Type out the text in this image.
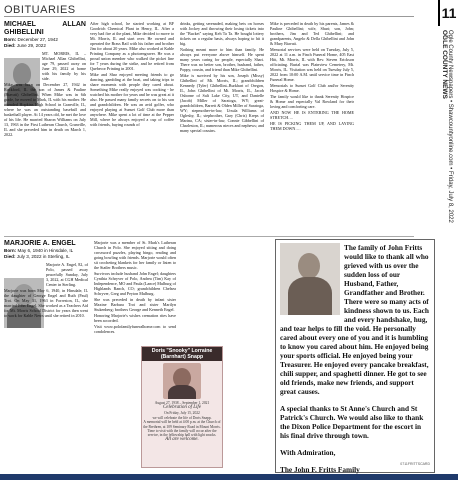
OBITUARIES
MICHAEL ALLAN GHIBELLINI
Born: December 27, 1942
Died: June 29, 2022

MT. MORRIS, IL – Michael Allan Ghibellini, age 79, passed away on June 29, 2022 at home with his family by his side.

Mike was born on December 27, 1942 in Rockford, IL the son of James & Pauline (Biavati) Ghibellini. When Mike was in 6th grade, he moved to Mark, IL with his mother. He attended Hopkins High School in Granville, IL, where he was an outstanding baseball and basketball player. At 14 years old, he met the love of his life. He married Sharon Williams on July 13, 1963 in the First Lutheran Church, Granville, IL and she preceded him in death on March 1, 2022.

After high school, he started working at BF Goodrich Chemical Plant in Henry, IL. After a very bad fire at the plant, Mike decided to move to Mt. Morris, IL and start over. He owned and operated the Brass Rail with his father and brother Jim for about 20 years. Mike also worked at Kable Printing Company as a photoengraver. He was a proud union member who walked the picket line for 7 years during the strike, and he retired from Quebecor Printing in 2001.

Mike and Shar enjoyed meeting friends to go dancing, gambling at the boat, and taking trips to share moments with people they cared about. Something Mike really enjoyed was cooking - he watched his mother for years and he was great at it also. He passed many family secrets on to his son and grandchildren. He was an avid golfer, who enjoyed playing at Sunset Golf Club more than anywhere. Mike spent a lot of time at the Pepper Mill, where he always enjoyed a cup of coffee with friends, buying rounds of

drinks, getting serenaded, making bets on horses with Jockey and throwing their losing tickets into the "Bucket" saying Keh Ta Ta. He bought lottery tickets on a regular basis, always hoping to hit it big.

Nothing meant more to him than family. He always put everyone above himself. He spent many years caring for people, especially Shari. There was no better son, brother, husband, father, Poppy, cousin, and friend than Mike Ghibellini.

Mike is survived by his son, Joseph (Missy) Ghibellini of Mt. Morris, IL; grandchildren Kennedy (Tyler) Ghibellini–Burkhart of Oregon, IL, John Ghibellini of Mt. Morris, IL, Jacob Osborne of Salt Lake City, UT, and Danielle (Jacob) Miller of Saratoga, WY; great-grandchildren, Barrett & Olden Miller of Saratoga, WY; stepmother-in-law, Ursula Williams of Oglesby, IL; stepbrother, Gary (Chris) Kreps of Marina, CA; sister-in-law, Connie Gibbellini of Charleston, IL; numerous nieces and nephews; and many special cousins.

Mike is preceded in death by his parents, James & Pauline Ghibellini; wife, Shari; son, John; brothers, Jim and Ted Ghibellini; and grandparents, Angelo & Della Ghibellini and John & Mary Biavati.

Memorial services were held on Tuesday, July 5, 2022 at 11 a.m. in Finch Funeral Home, 405 East Hitt, Mt. Morris, IL with Rev. Steven Erickson officiating. Burial was Plainview Cemetery, Mt. Morris, IL. Visitation was held on Tuesday July 5, 2022 from 10:00 A.M. until service time in Finch Funeral Home.

Memorials to Sunset Golf Club and/or Serenity Hospice & Home.

The family would like to thank Serenity Hospice & Home and especially Val Rowland for their loving and comforting care.

AND NOW HE IS ENTERING THE HOME STRETCH….

HE IS PICKING THEM UP, AND LAYING THEM DOWN….

MARJORIE A. ENGEL
Born: May 6, 1940 in Hinsdale, IL
Died: July 3, 2022 in Sterling, IL

Marjorie A. Engel, 82, of Polo, passed away peacefully Sunday, July 3, 2022, at CGH Medical Center in Sterling.

Marjorie was born May 6, 1940, in Hinsdale, IL the daughter of George Engel and Ruth (Paul) Troi. On May 31, 1963 in Forreston, IL, she married John Engel. She worked as a Teachers Aid for Mt. Morris School District for years then went to work for Kable News until she retired in 2010.

Marjorie was a member of St. Mark's Lutheran Church in Polo. She enjoyed sitting and doing crossword puzzles, playing bingo, reading and going bowling with friends. Marjorie would often sit crocheting blankets for her family or listen to the Statler Brothers music.

Survivors include husband John Engel; daughters Cynthia Schryver of Polo, Andrea (Tim) Kay of Independence, MO and Paula (Lance) Mulburg of Highlands Ranch, CO; grandchildren Chelsea Schryver, Greg and Peyton Mulburg.

She was preceded in death by infant sister Maxine Barbara Troi and sister Marilyn Stukenberg; brothers George and Kenneth Engel.

Honoring Marjorie's wishes cremation rites have been accorded.

Visit www.polofamilyfuneralhome.com to send condolences.

Doris "Snooky" Lorraine (Barnhart) Snapp
August 27, 1938 – September 1, 2021
Celebration of Life
On Friday, July 15, 2022
we will celebrate the life of Doris Snapp.
A memorial will be held at 4:00 p.m. at the Church of the Brethren, at 109 Seminary Road in Mount Morris.
Time to visit with the family will occur after the service, in the fellowship hall with light snacks.
All are welcome.

The family of John Fritts would like to thank all who grieved with us over the sudden loss of our Husband, Father, Grandfather and Brother. There were so many acts of kindness shown to us. Each and every handshake, hug, and tear helps to fill the void. He personally cared about every one of you and it is humbling to know you cared about him. He enjoyed being your sports official. He enjoyed being your Treasurer. He enjoyed every pancake breakfast, chili supper, and spaghetti dinner. He got to see old friends, make new friends, and support great causes.

A special thanks to St Anne's Church and St Patrick's Church. We would also like to thank the Dixon Police Department for the escort in his final drive through town.

With Admiration,

The John F. Fritts Family

0711FRITTSCARD
11
OGLE COUNTY NEWS Ogle County Newspapers • Shawcountyonline.com • Friday, July 8, 2022
